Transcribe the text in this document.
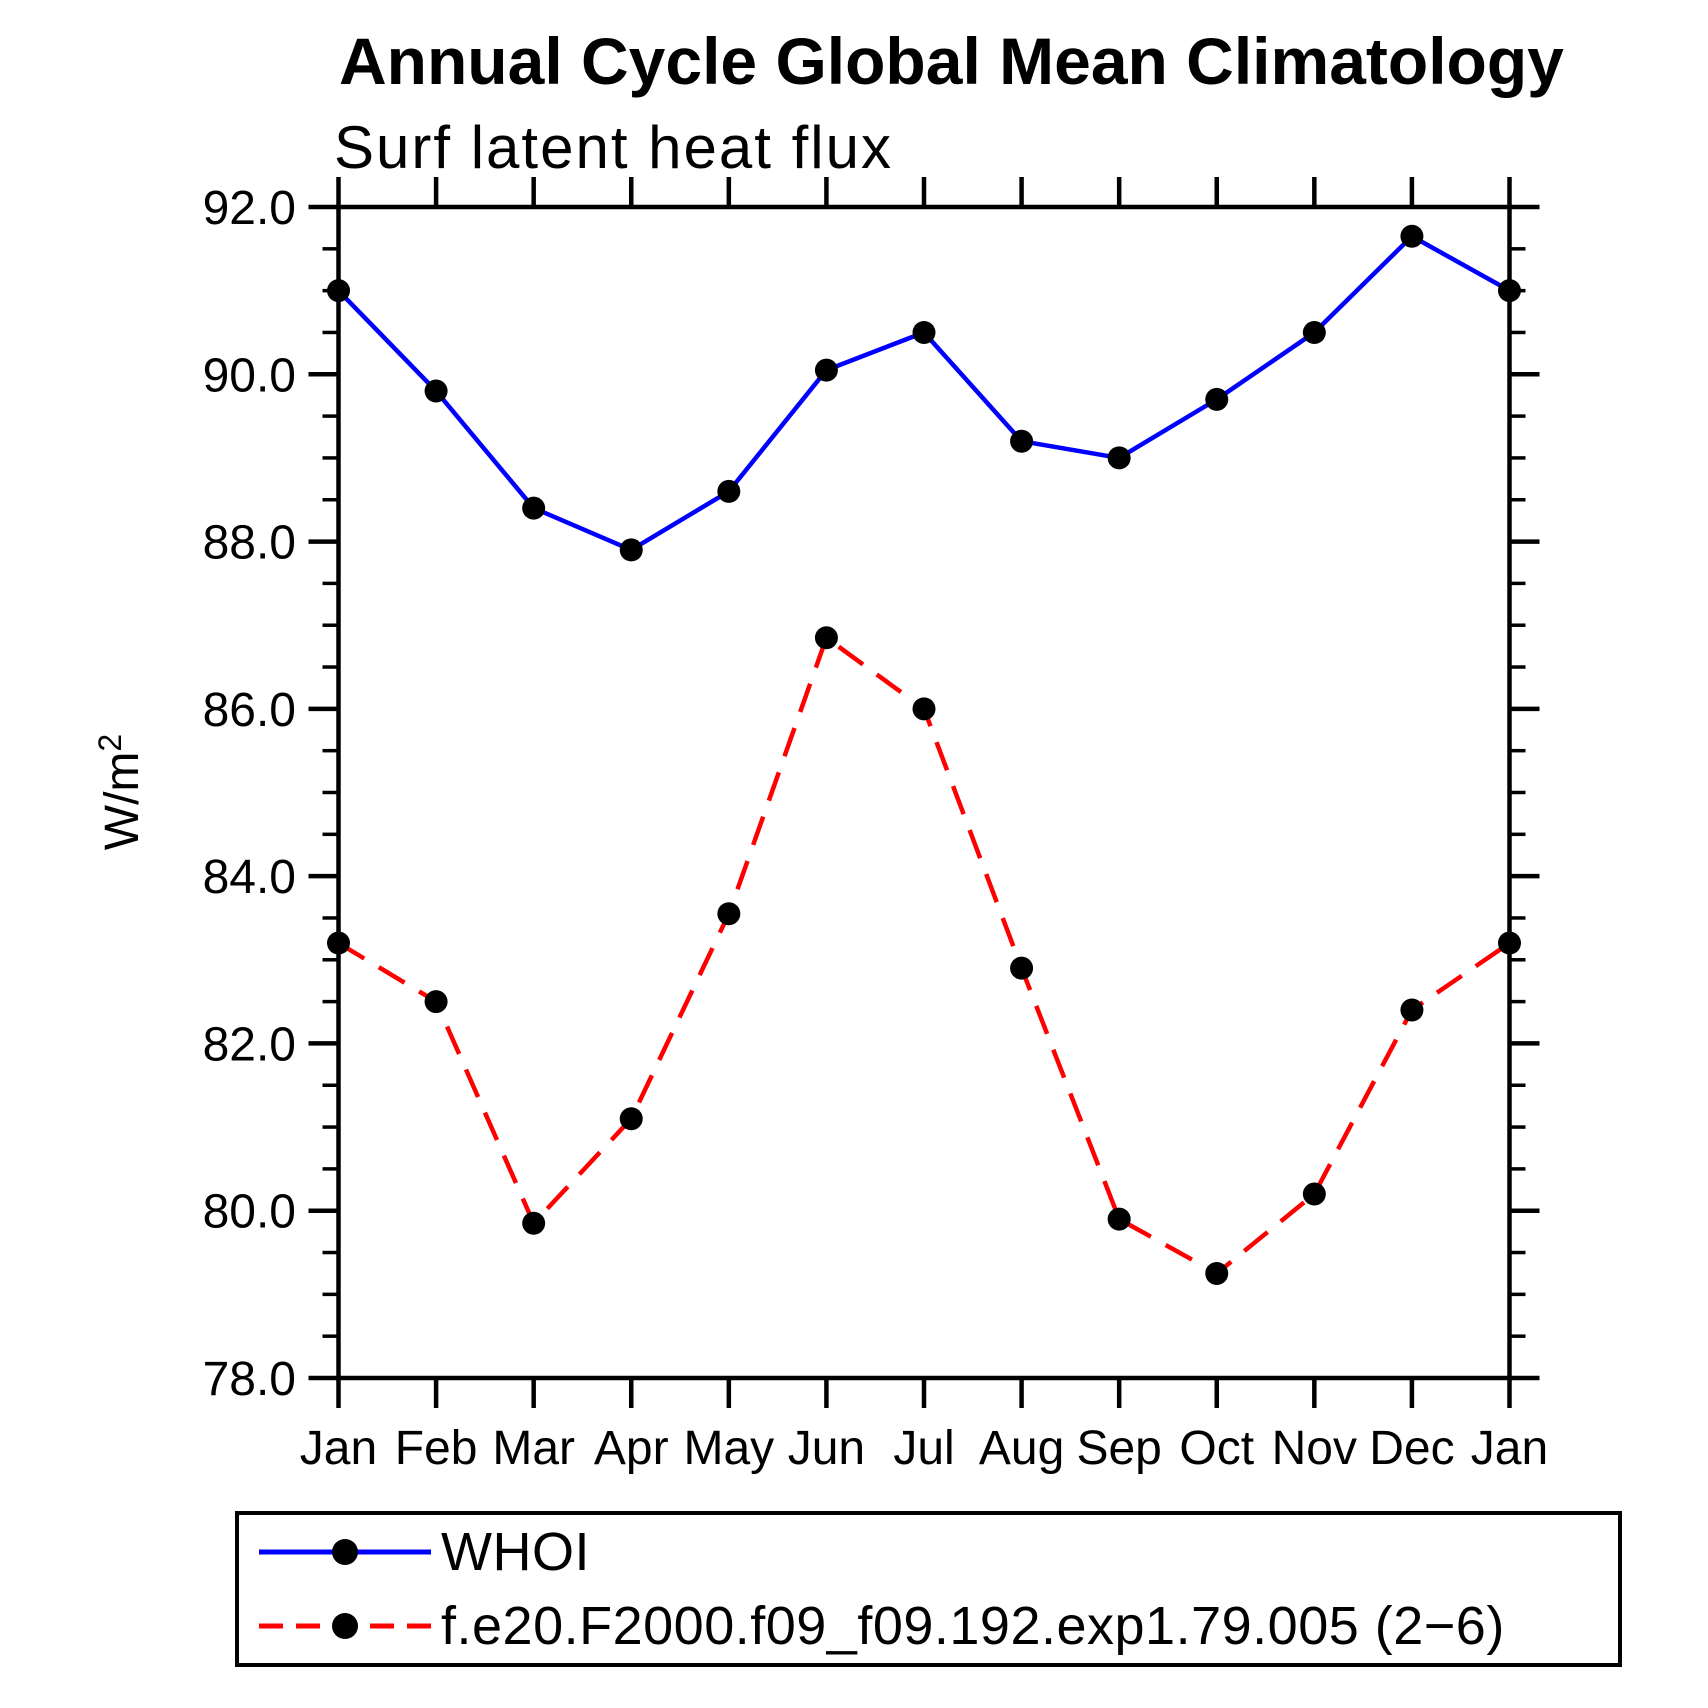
Annual Cycle Global Mean Climatology
Surf latent heat flux
$W/m^2$
Jan Feb Mar Apr May Jun Jul Aug Sep Oct Nov Dec Jan
92.0
90.0
88.0
86.0
84.0
82.0
80.0
78.0
WHOI
f.e20.F2000.f09_f09.192.exp1.79.005 (2−6)
